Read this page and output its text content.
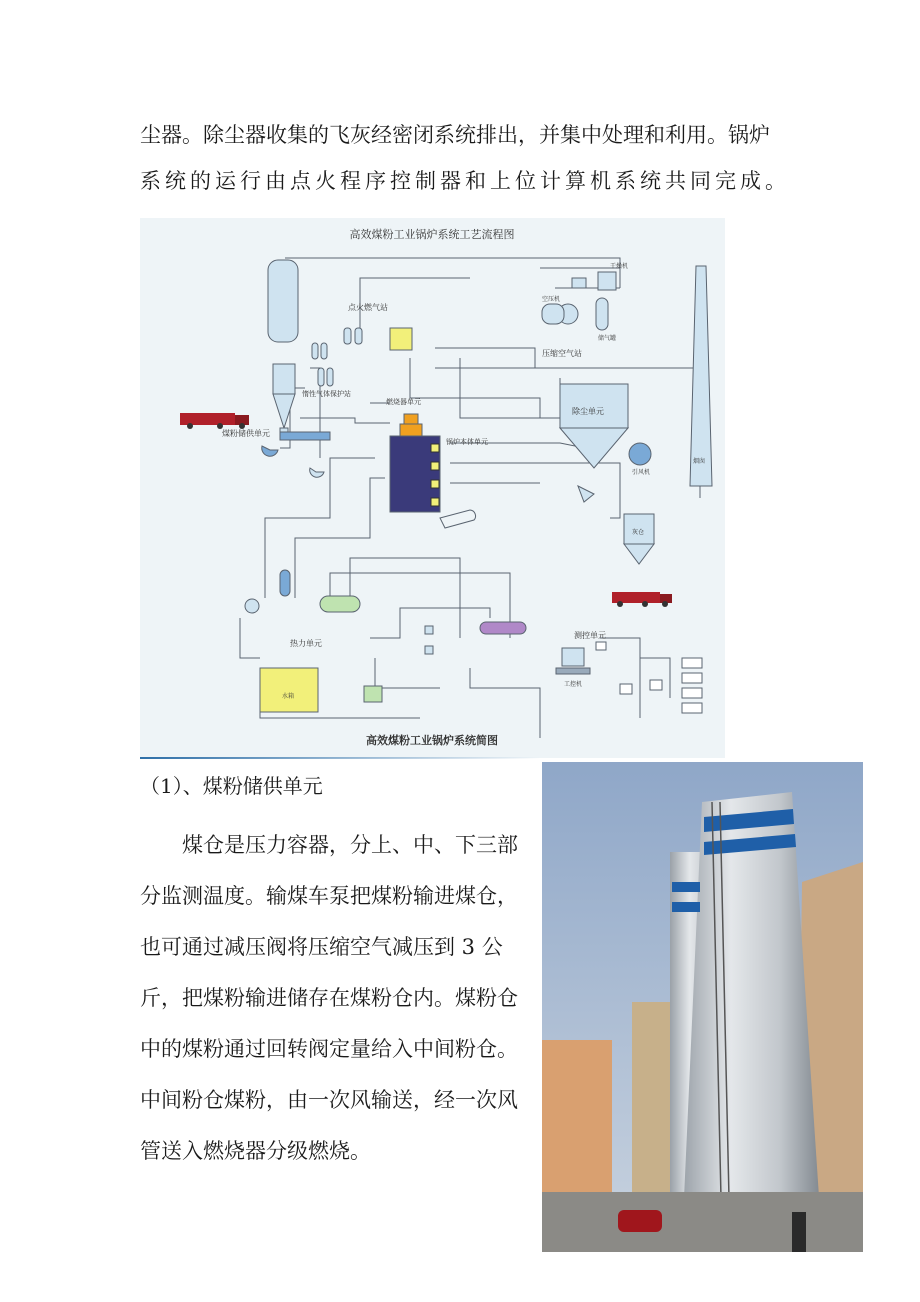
尘器。除尘器收集的飞灰经密闭系统排出，并集中处理和利用。锅炉
系统的运行由点火程序控制器和上位计算机系统共同完成。

高效煤粉工业锅炉系统工艺流程图
点火燃气站
惰性气体保护站
干燥机
空压机
储气罐
压缩空气站
烟囱
除尘单元
引风机
灰仓
煤粉储供单元
燃烧器单元
锅炉本体单元
热力单元
水箱
测控单元
工控机
高效煤粉工业锅炉系统简图

（1）、煤粉储供单元

煤仓是压力容器，分上、中、下三部分监测温度。输煤车泵把煤粉输进煤仓，也可通过减压阀将压缩空气减压到 3 公斤，把煤粉输进储存在煤粉仓内。煤粉仓中的煤粉通过回转阀定量给入中间粉仓。中间粉仓煤粉，由一次风输送，经一次风管送入燃烧器分级燃烧。
